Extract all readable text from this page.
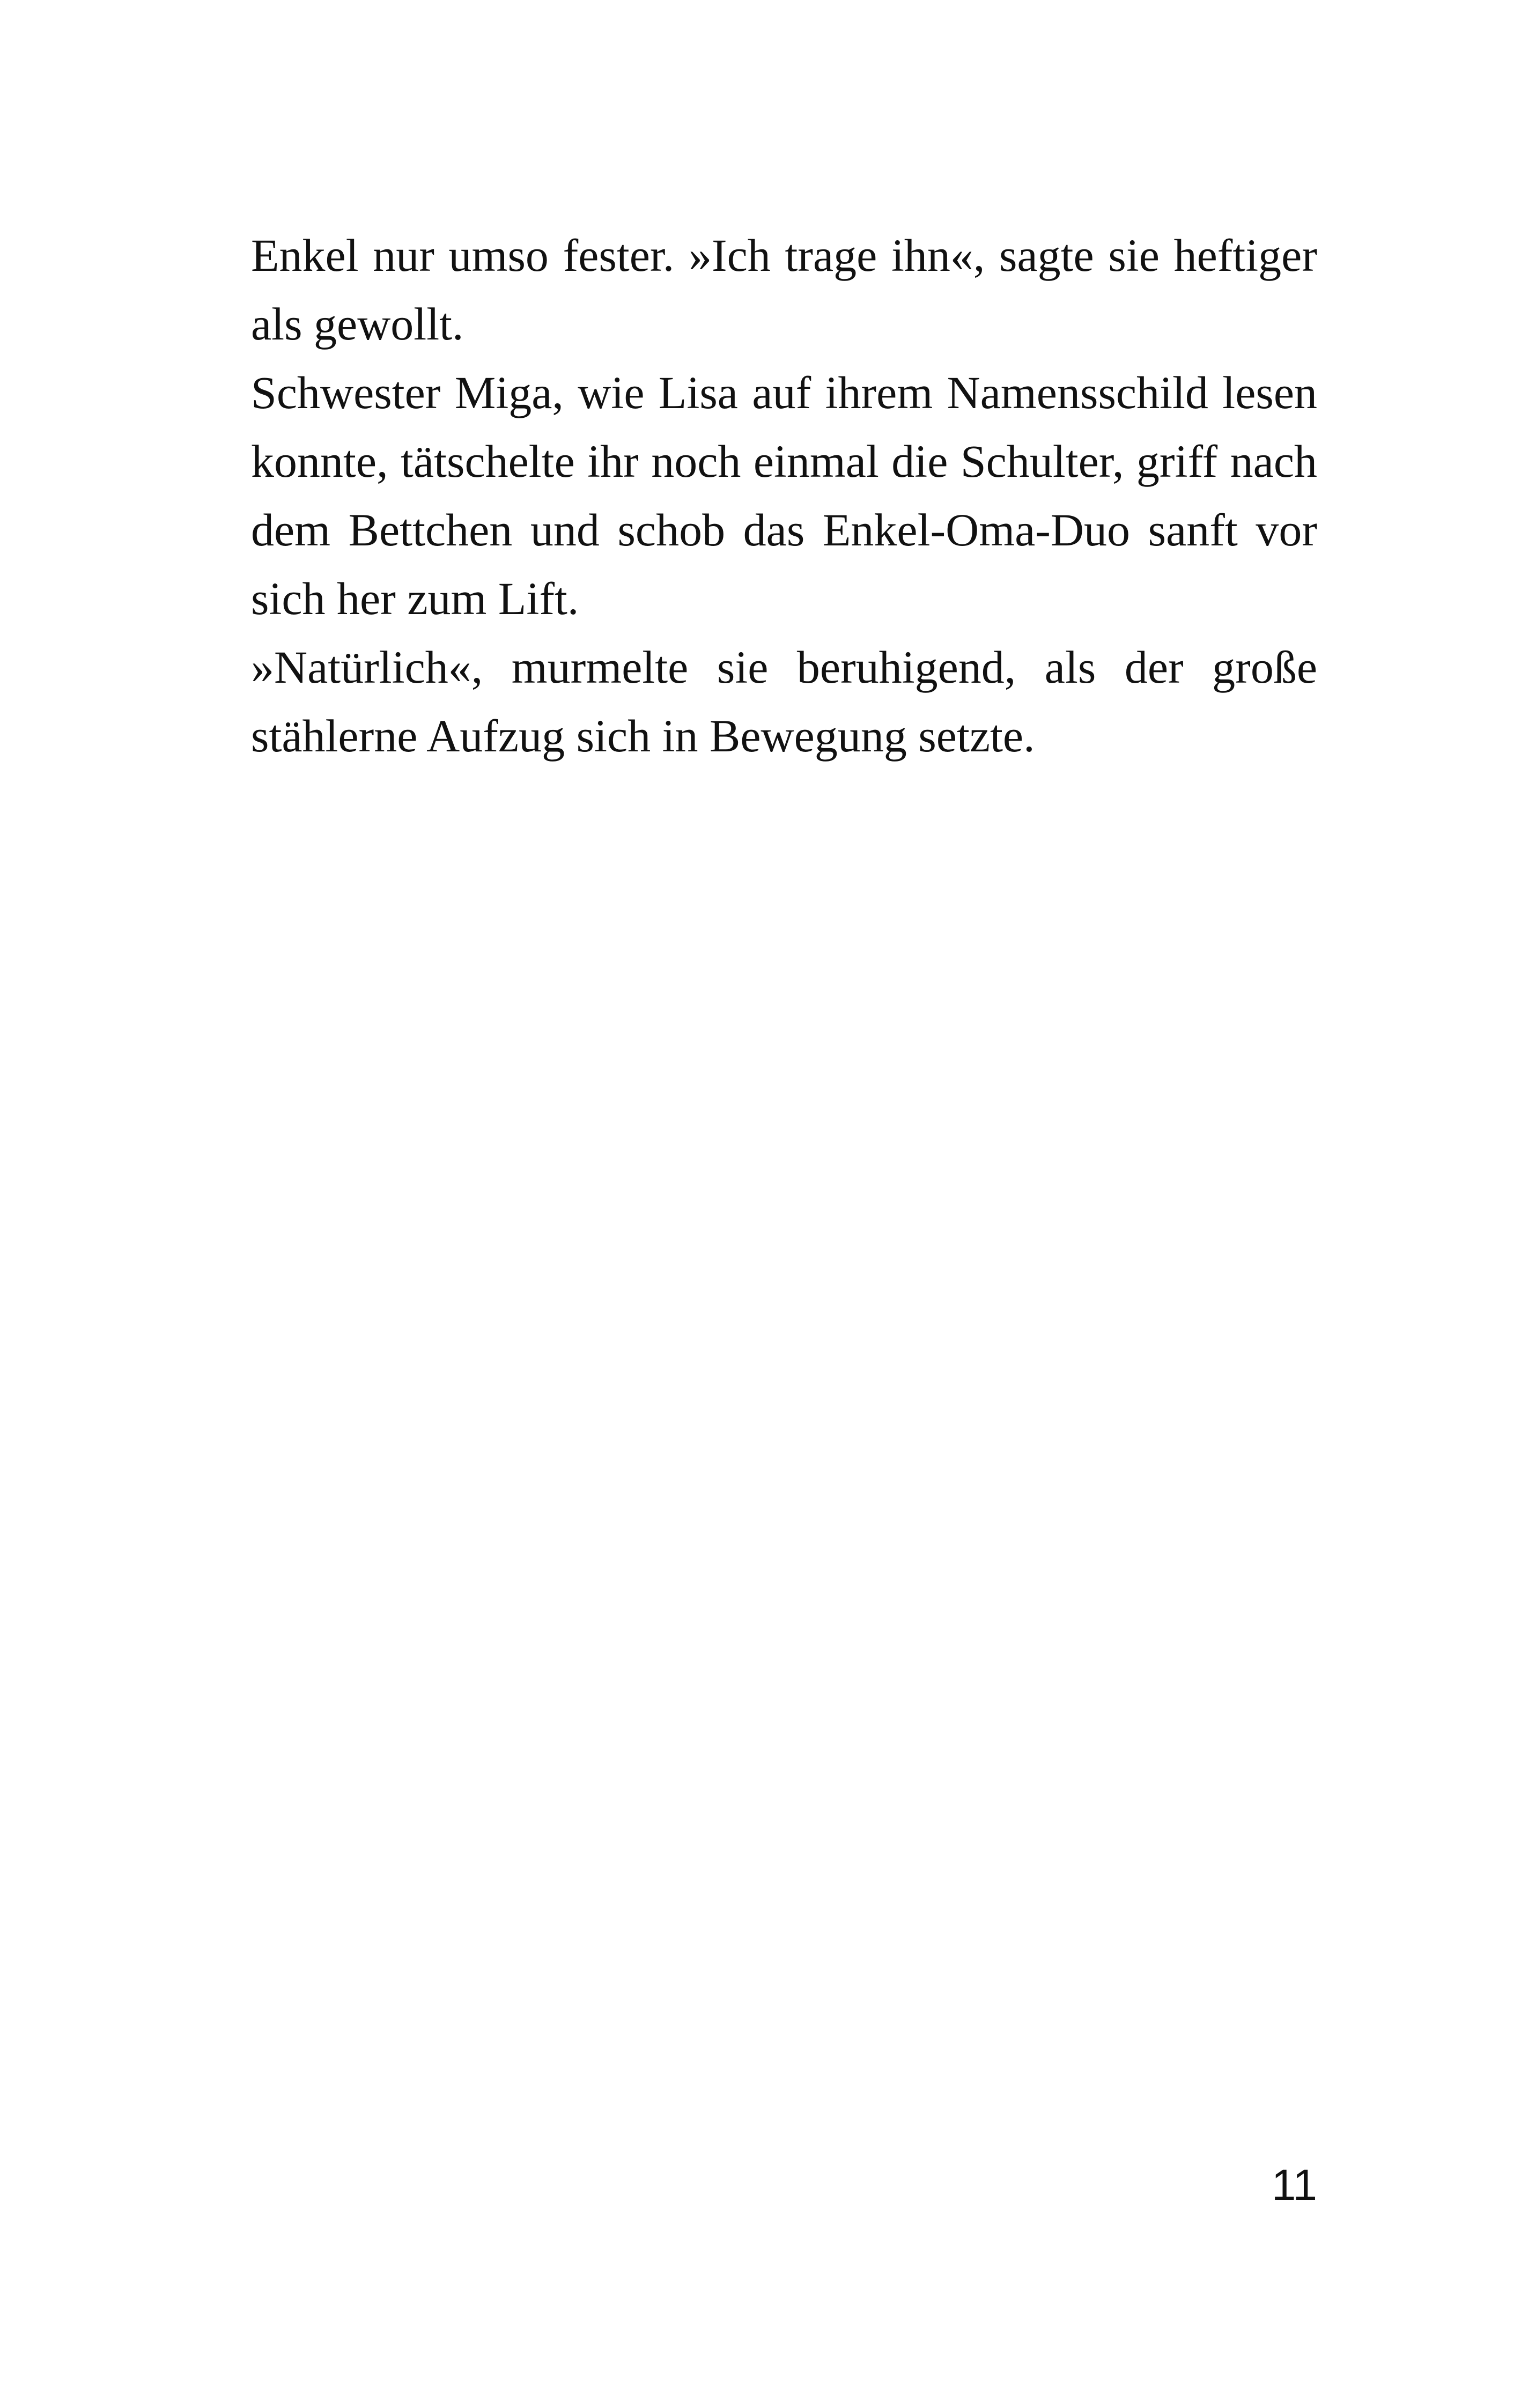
Enkel nur umso fester. »Ich trage ihn«, sagte sie heftiger als gewollt.

Schwester Miga, wie Lisa auf ihrem Namensschild lesen konnte, tätschelte ihr noch einmal die Schulter, griff nach dem Bettchen und schob das Enkel-Oma-Duo sanft vor sich her zum Lift.

»Natürlich«, murmelte sie beruhigend, als der große stählerne Aufzug sich in Bewegung setzte.

11
